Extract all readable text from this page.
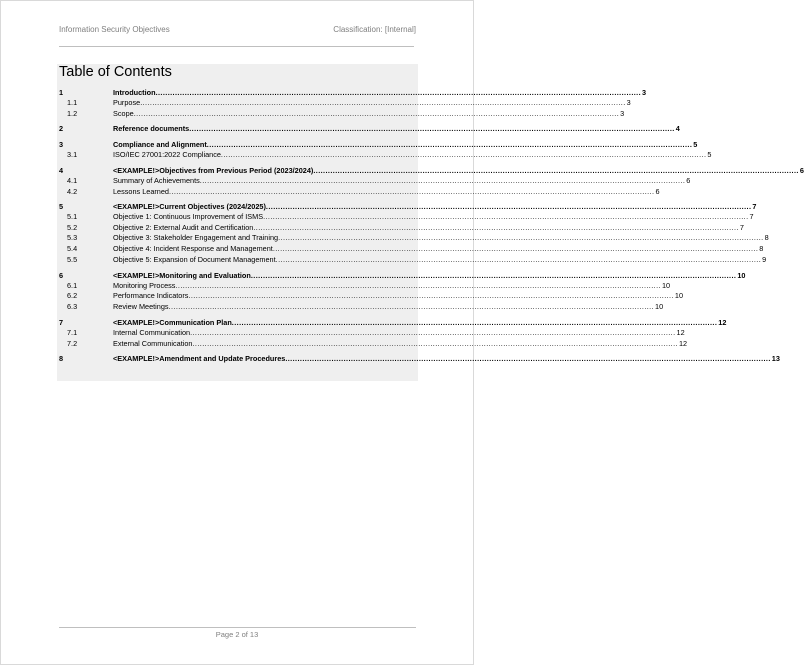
Information Security Objectives	Classification: [Internal]
Table of Contents
1	Introduction ........................................................................................................................................................................................................ 3
1.1	Purpose ........................................................................................................................................................................................................ 3
1.2	Scope ........................................................................................................................................................................................................ 3
2	Reference documents ........................................................................................................................................................................................................ 4
3	Compliance and Alignment ........................................................................................................................................................................................................ 5
3.1	ISO/IEC 27001:2022 Compliance ........................................................................................................................................................................................................ 5
4	<EXAMPLE!>Objectives from Previous Period (2023/2024) ........................................................................................................................................................................................................ 6
4.1	Summary of Achievements ........................................................................................................................................................................................................ 6
4.2	Lessons Learned ........................................................................................................................................................................................................ 6
5	<EXAMPLE!>Current Objectives (2024/2025) ........................................................................................................................................................................................................ 7
5.1	Objective 1: Continuous Improvement of ISMS ........................................................................................................................................................................................................ 7
5.2	Objective 2: External Audit and Certification ........................................................................................................................................................................................................ 7
5.3	Objective 3: Stakeholder Engagement and Training ........................................................................................................................................................................................................ 8
5.4	Objective 4: Incident Response and Management ........................................................................................................................................................................................................ 8
5.5	Objective 5: Expansion of Document Management ........................................................................................................................................................................................................ 9
6	<EXAMPLE!>Monitoring and Evaluation ........................................................................................................................................................................................................ 10
6.1	Monitoring Process ........................................................................................................................................................................................................ 10
6.2	Performance Indicators ........................................................................................................................................................................................................ 10
6.3	Review Meetings ........................................................................................................................................................................................................ 10
7	<EXAMPLE!>Communication Plan ........................................................................................................................................................................................................ 12
7.1	Internal Communication ........................................................................................................................................................................................................ 12
7.2	External Communication ........................................................................................................................................................................................................ 12
8	<EXAMPLE!>Amendment and Update Procedures ........................................................................................................................................................................................................ 13
Page 2 of 13
